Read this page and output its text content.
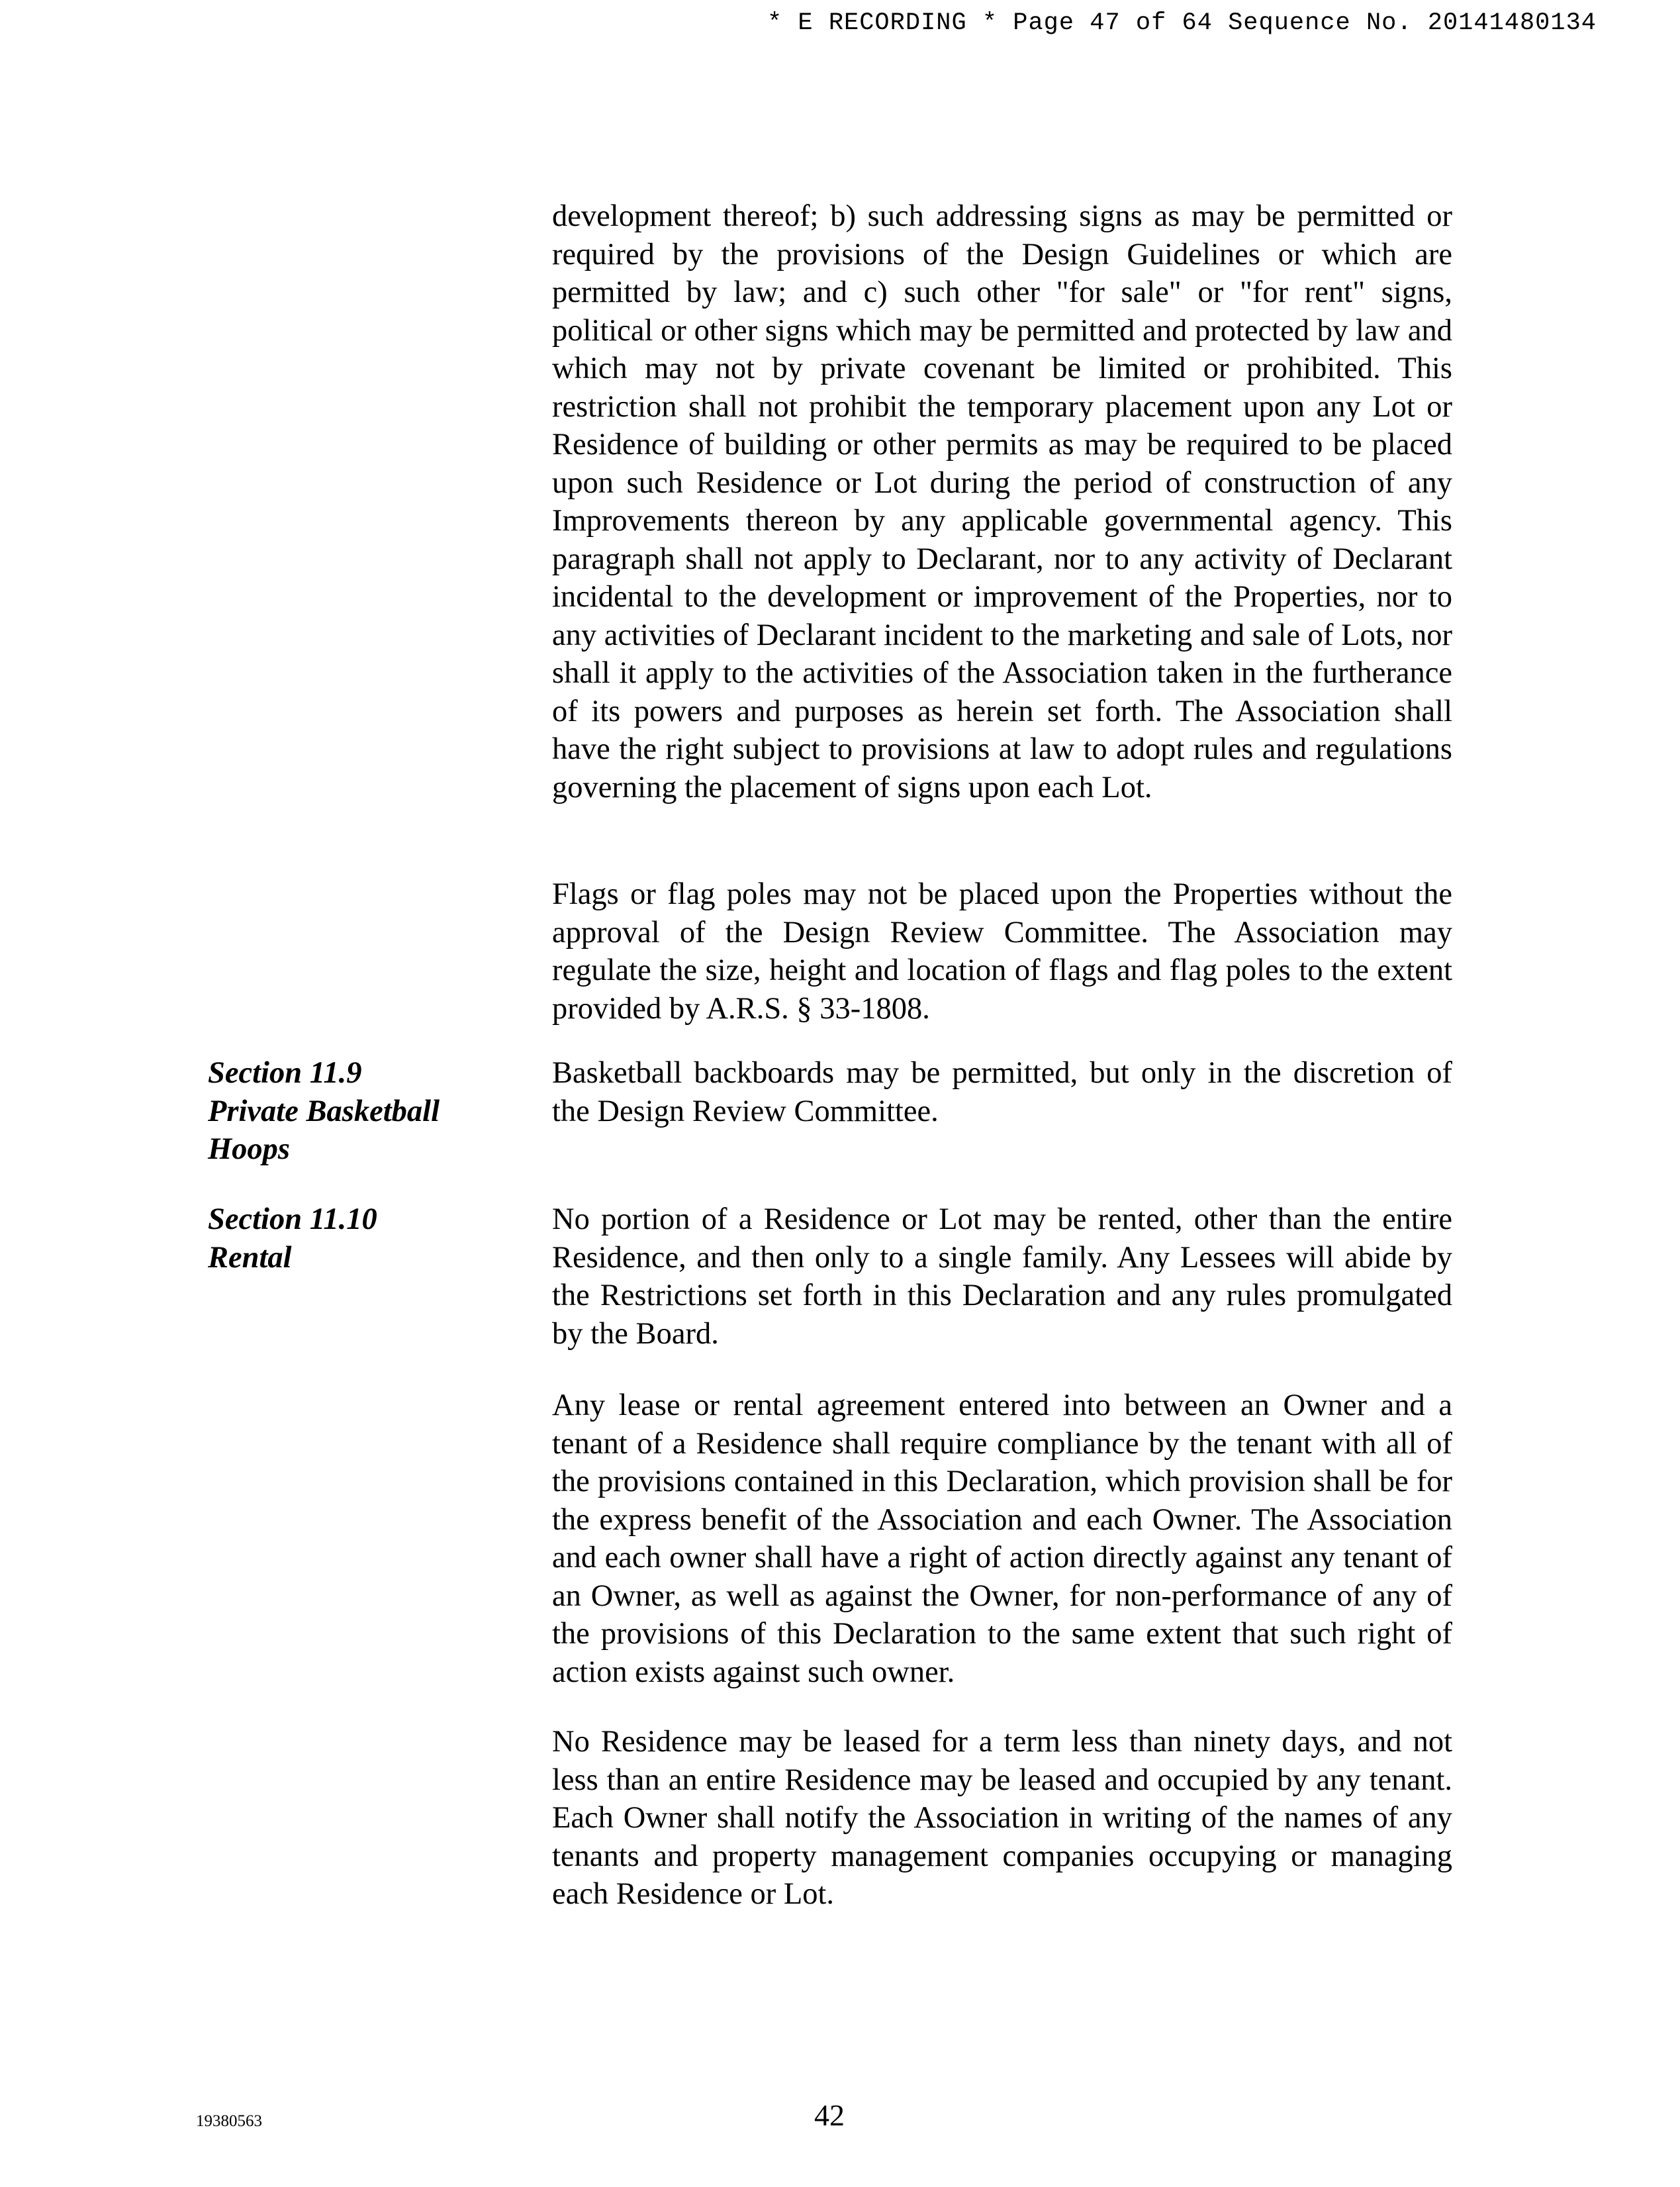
* E RECORDING * Page 47 of 64 Sequence No. 20141480134

development thereof; b) such addressing signs as may be permitted or required by the provisions of the Design Guidelines or which are permitted by law; and c) such other "for sale" or "for rent" signs, political or other signs which may be permitted and protected by law and which may not by private covenant be limited or prohibited. This restriction shall not prohibit the temporary placement upon any Lot or Residence of building or other permits as may be required to be placed upon such Residence or Lot during the period of construction of any Improvements thereon by any applicable governmental agency. This paragraph shall not apply to Declarant, nor to any activity of Declarant incidental to the development or improvement of the Properties, nor to any activities of Declarant incident to the marketing and sale of Lots, nor shall it apply to the activities of the Association taken in the furtherance of its powers and purposes as herein set forth. The Association shall have the right subject to provisions at law to adopt rules and regulations governing the placement of signs upon each Lot.

Flags or flag poles may not be placed upon the Properties without the approval of the Design Review Committee. The Association may regulate the size, height and location of flags and flag poles to the extent provided by A.R.S. § 33-1808.

Section 11.9
Private Basketball
Hoops

Basketball backboards may be permitted, but only in the discretion of the Design Review Committee.

Section 11.10
Rental

No portion of a Residence or Lot may be rented, other than the entire Residence, and then only to a single family. Any Lessees will abide by the Restrictions set forth in this Declaration and any rules promulgated by the Board.

Any lease or rental agreement entered into between an Owner and a tenant of a Residence shall require compliance by the tenant with all of the provisions contained in this Declaration, which provision shall be for the express benefit of the Association and each Owner. The Association and each owner shall have a right of action directly against any tenant of an Owner, as well as against the Owner, for non-performance of any of the provisions of this Declaration to the same extent that such right of action exists against such owner.

No Residence may be leased for a term less than ninety days, and not less than an entire Residence may be leased and occupied by any tenant. Each Owner shall notify the Association in writing of the names of any tenants and property management companies occupying or managing each Residence or Lot.

19380563	42
